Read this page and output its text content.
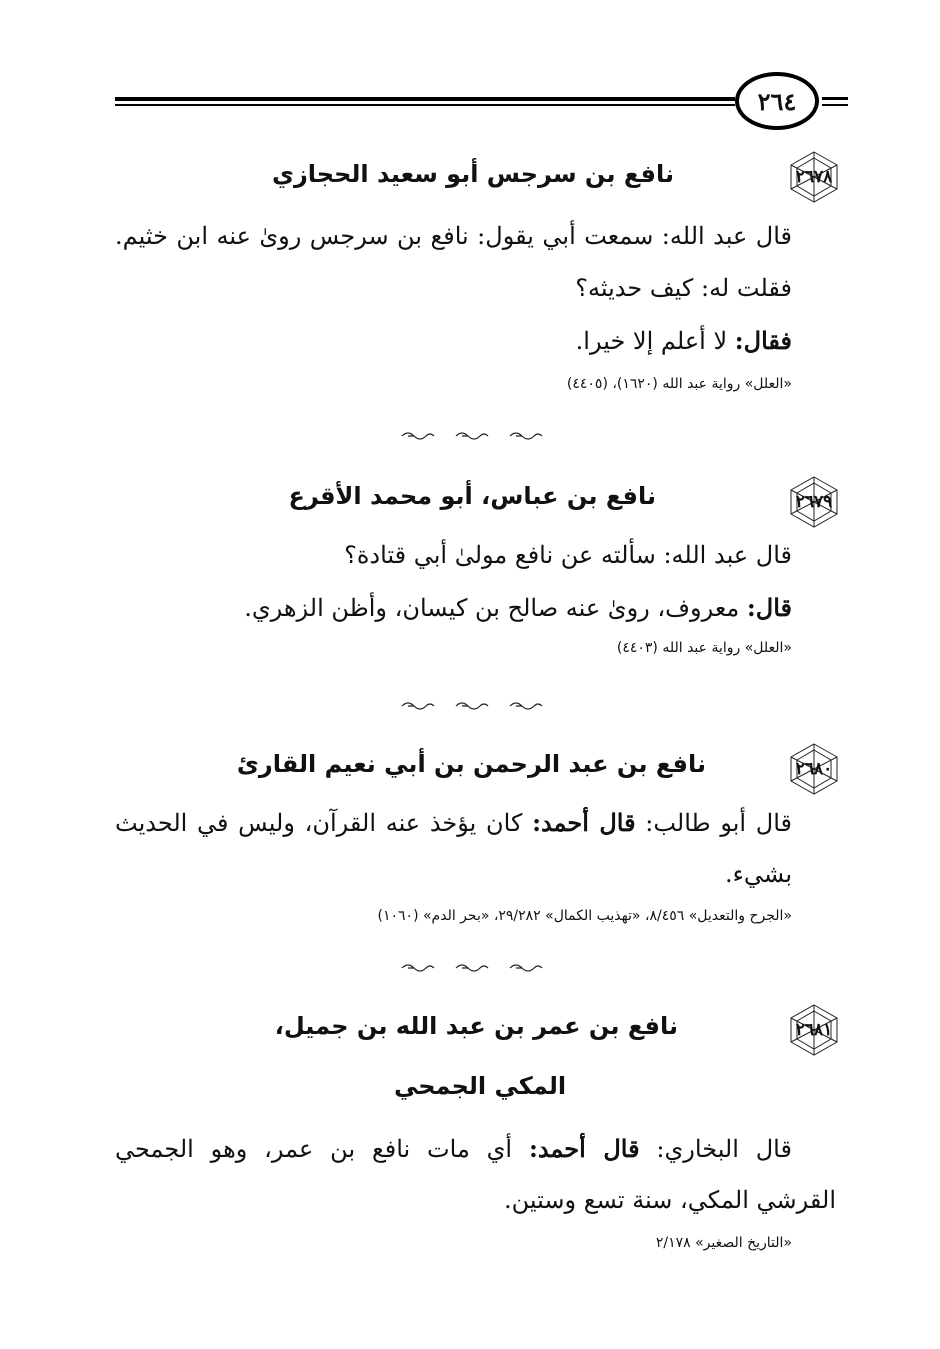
٢٦٤
٢٦٧٨
نافع بن سرجس أبو سعيد الحجازي
قال عبد الله: سمعت أبي يقول: نافع بن سرجس روىٰ عنه ابن خثيم.
فقلت له: كيف حديثه؟
فقال: لا أعلم إلا خيرا.
«العلل» رواية عبد الله (١٦٢٠)، (٤٤٠٥)
٢٦٧٩
نافع بن عباس، أبو محمد الأقرع
قال عبد الله: سألته عن نافع مولىٰ أبي قتادة؟
قال: معروف، روىٰ عنه صالح بن كيسان، وأظن الزهري.
«العلل» رواية عبد الله (٤٤٠٣)
٢٦٨٠
نافع بن عبد الرحمن بن أبي نعيم القارئ
قال أبو طالب: قال أحمد: كان يؤخذ عنه القرآن، وليس في الحديث
بشيء.
«الجرح والتعديل» ٨/٤٥٦، «تهذيب الكمال» ٢٩/٢٨٢، «بحر الدم» (١٠٦٠)
٢٦٨١
نافع بن عمر بن عبد الله بن جميل،
المكي الجمحي
قال البخاري: قال أحمد: أي مات نافع بن عمر، وهو الجمحي
القرشي المكي، سنة تسع وستين.
«التاريخ الصغير» ٢/١٧٨
